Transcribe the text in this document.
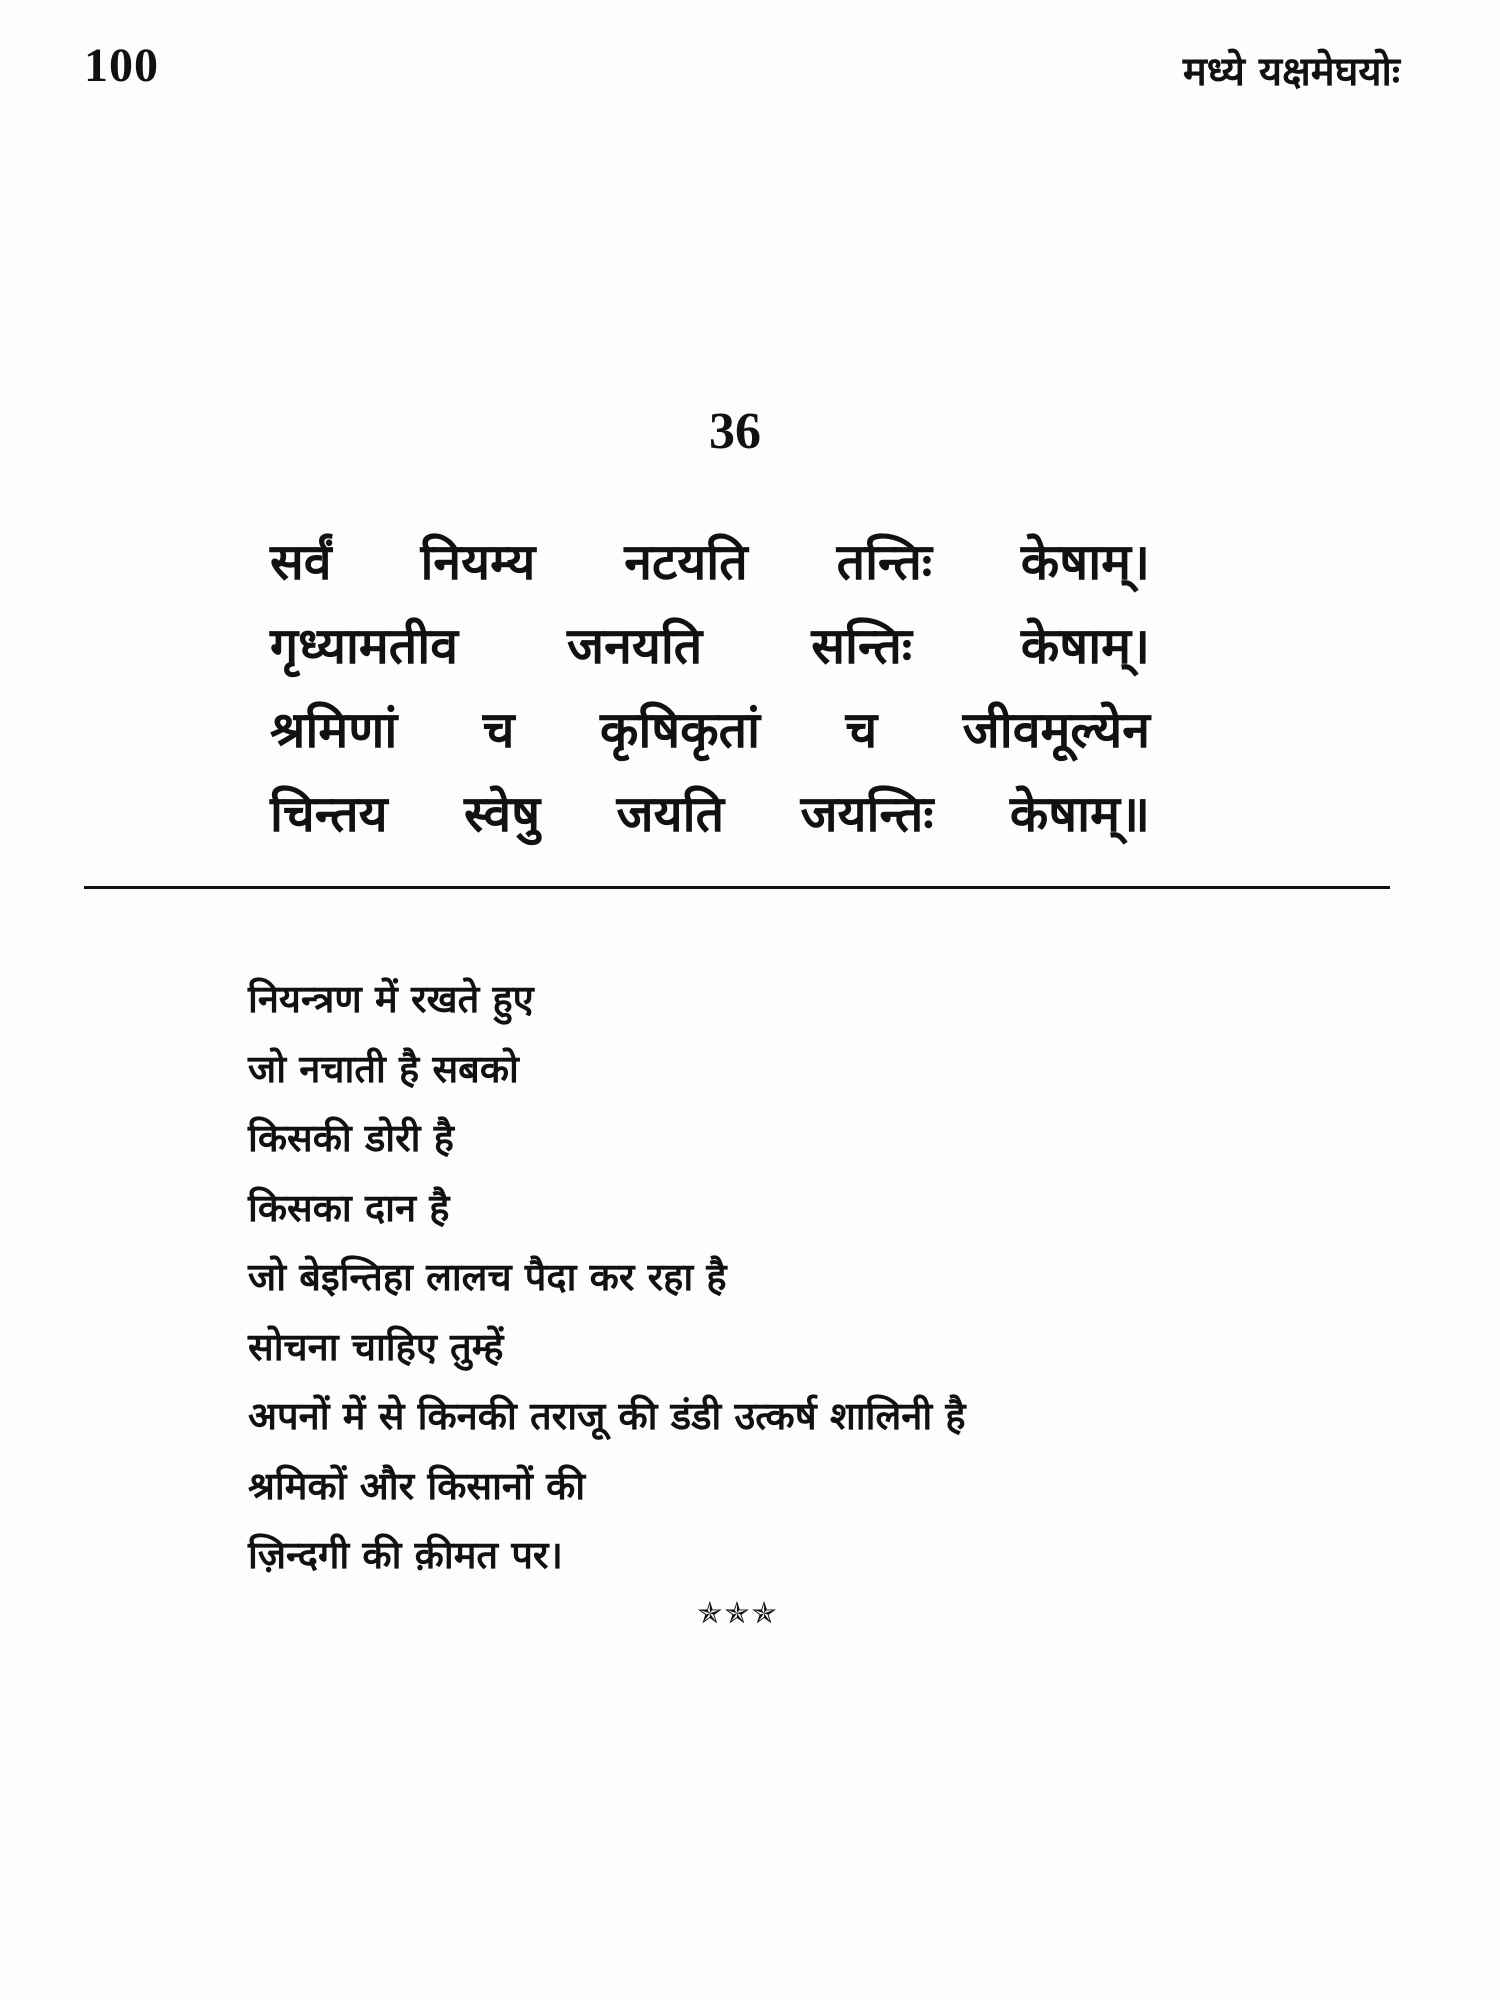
100	मध्ये यक्षमेघयोः
36
सर्वं नियम्य नटयति तन्तिः केषाम्।
गृध्यामतीव जनयति सन्तिः केषाम्।
श्रमिणां च कृषिकृतां च जीवमूल्येन
चिन्तय स्वेषु जयति जयन्तिः केषाम्॥
नियन्त्रण में रखते हुए
जो नचाती है सबको
किसकी डोरी है
किसका दान है
जो बेइन्तिहा लालच पैदा कर रहा है
सोचना चाहिए तुम्हें
अपनों में से किनकी तराजू की डंडी उत्कर्ष शालिनी है
श्रमिकों और किसानों की
ज़िन्दगी की क़ीमत पर।
✯✯✯
